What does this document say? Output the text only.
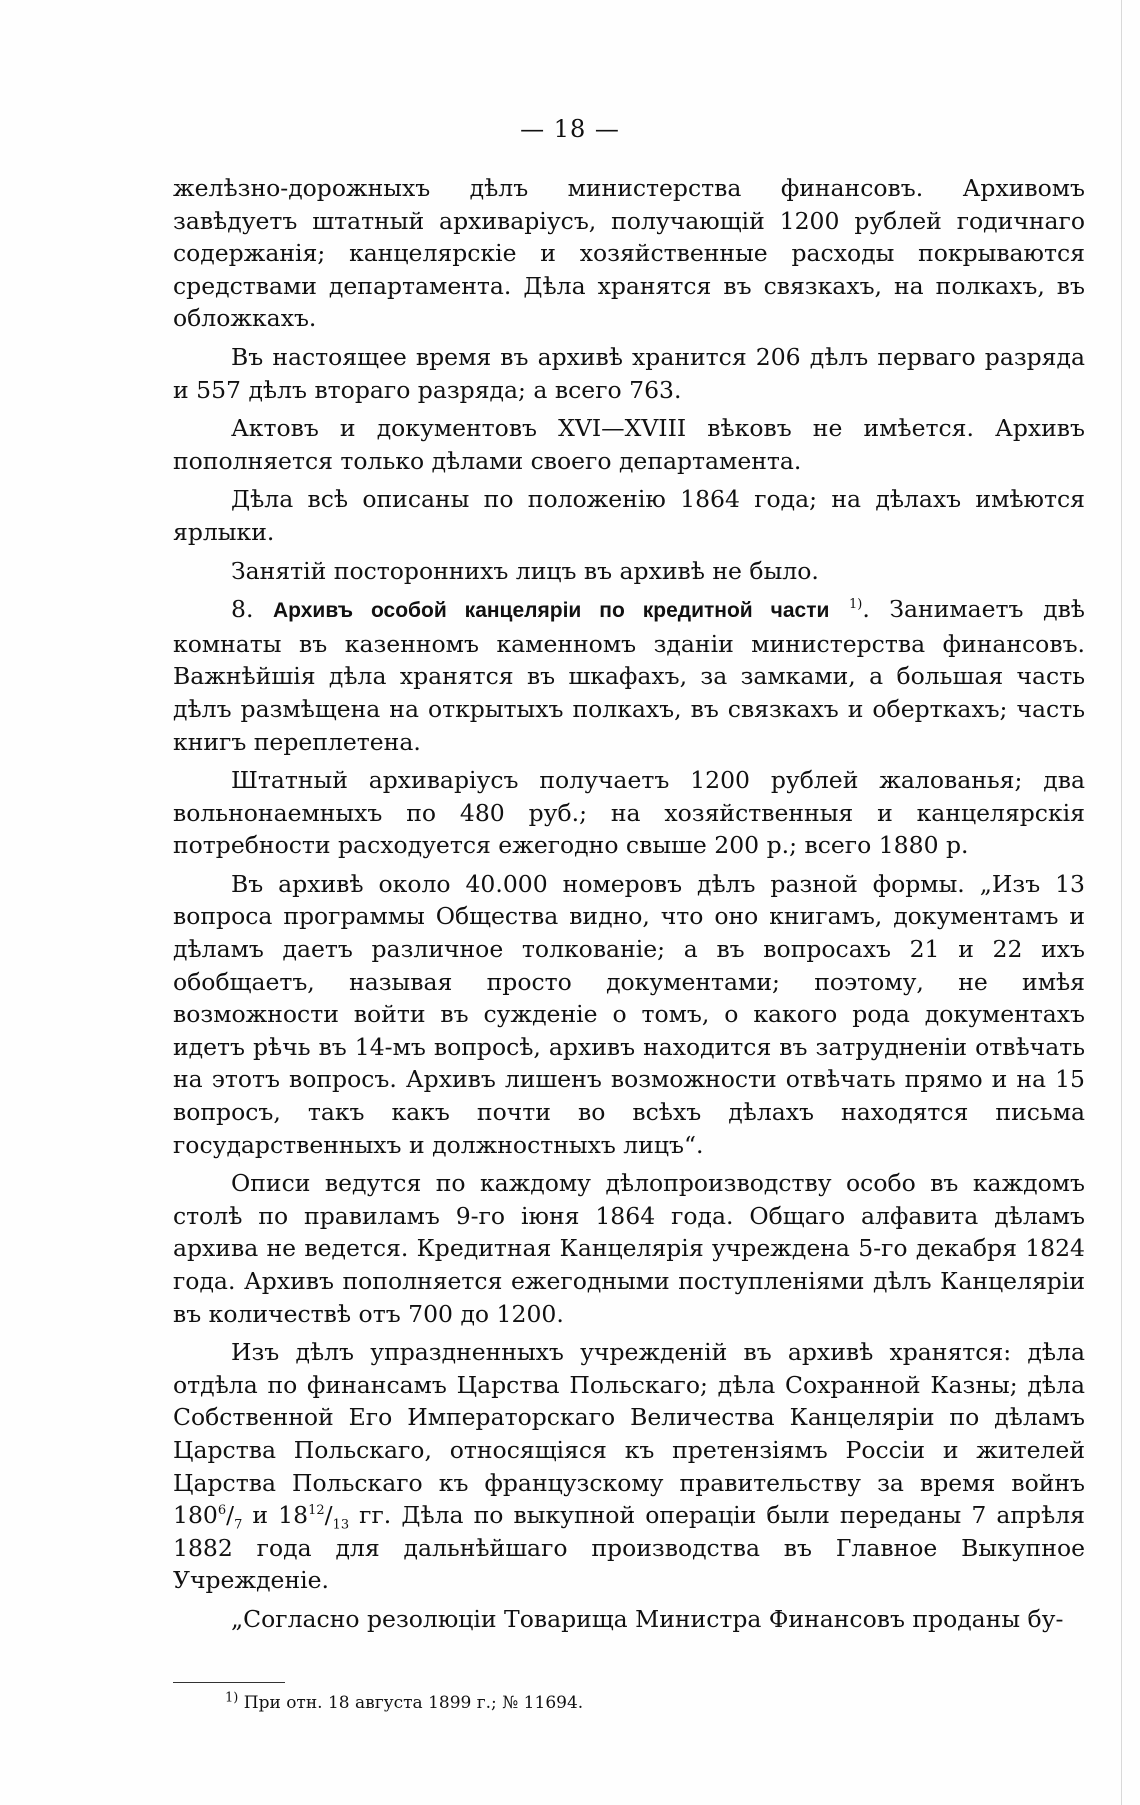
— 18 —

желѣзно-дорожныхъ дѣлъ министерства финансовъ. Архивомъ завѣдуетъ штатный архиваріусъ, получающій 1200 рублей годичнаго содержанія; канцелярскіе и хозяйственные расходы покрываются средствами департамента. Дѣла хранятся въ связкахъ, на полкахъ, въ обложкахъ.

Въ настоящее время въ архивѣ хранится 206 дѣлъ перваго разряда и 557 дѣлъ втораго разряда; а всего 763.

Актовъ и документовъ XVI—XVIII вѣковъ не имѣется. Архивъ пополняется только дѣлами своего департамента.

Дѣла всѣ описаны по положенію 1864 года; на дѣлахъ имѣются ярлыки.

Занятій постороннихъ лицъ въ архивѣ не было.

8. Архивъ особой канцеляріи по кредитной части $^{1)}$. Занимаетъ двѣ комнаты въ казенномъ каменномъ зданіи министерства финансовъ. Важнѣйшія дѣла хранятся въ шкафахъ, за замками, а большая часть дѣлъ размѣщена на открытыхъ полкахъ, въ связкахъ и оберткахъ; часть книгъ переплетена.

Штатный архиваріусъ получаетъ 1200 рублей жалованья; два вольнонаемныхъ по 480 руб.; на хозяйственныя и канцелярскія потребности расходуется ежегодно свыше 200 р.; всего 1880 р.

Въ архивѣ около 40.000 номеровъ дѣлъ разной формы. „Изъ 13 вопроса программы Общества видно, что оно книгамъ, документамъ и дѣламъ даетъ различное толкованіе; а въ вопросахъ 21 и 22 ихъ обобщаетъ, называя просто документами; поэтому, не имѣя возможности войти въ сужденіе о томъ, о какого рода документахъ идетъ рѣчь въ 14-мъ вопросѣ, архивъ находится въ затрудненіи отвѣчать на этотъ вопросъ. Архивъ лишенъ возможности отвѣчать прямо и на 15 вопросъ, такъ какъ почти во всѣхъ дѣлахъ находятся письма государственныхъ и должностныхъ лицъ“.

Описи ведутся по каждому дѣлопроизводству особо въ каждомъ столѣ по правиламъ 9-го іюня 1864 года. Общаго алфавита дѣламъ архива не ведется. Кредитная Канцелярія учреждена 5-го декабря 1824 года. Архивъ пополняется ежегодными поступленіями дѣлъ Канцеляріи въ количествѣ отъ 700 до 1200.

Изъ дѣлъ упраздненныхъ учрежденій въ архивѣ хранятся: дѣла отдѣла по финансамъ Царства Польскаго; дѣла Сохранной Казны; дѣла Собственной Его Императорскаго Величества Канцеляріи по дѣламъ Царства Польскаго, относящіяся къ претензіямъ Россіи и жителей Царства Польскаго къ французскому правительству за время войнъ $180^6/_7$ и $18^{12}/_{13}$ гг. Дѣла по выкупной операціи были переданы 7 апрѣля 1882 года для дальнѣйшаго производства въ Главное Выкупное Учрежденіе.

„Согласно резолюціи Товарища Министра Финансовъ проданы бу-

$^{1)}$ При отн. 18 августа 1899 г.; № 11694.
